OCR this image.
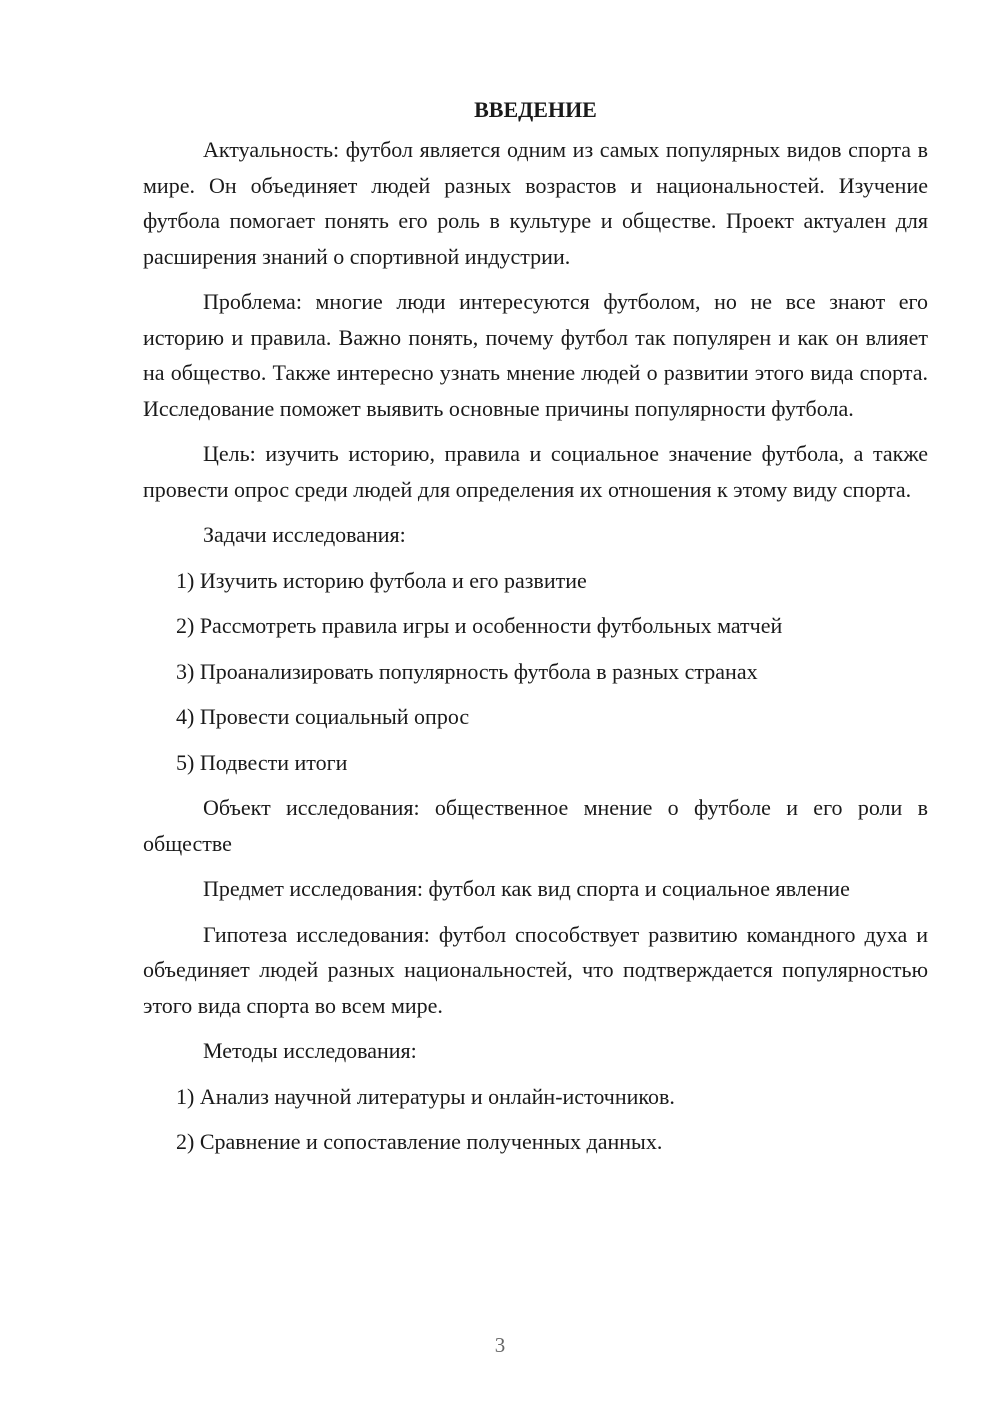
ВВЕДЕНИЕ

Актуальность: футбол является одним из самых популярных видов спорта в мире. Он объединяет людей разных возрастов и национальностей. Изучение футбола помогает понять его роль в культуре и обществе. Проект актуален для расширения знаний о спортивной индустрии.

Проблема: многие люди интересуются футболом, но не все знают его историю и правила. Важно понять, почему футбол так популярен и как он влияет на общество. Также интересно узнать мнение людей о развитии этого вида спорта. Исследование поможет выявить основные причины популярности футбола.

Цель: изучить историю, правила и социальное значение футбола, а также провести опрос среди людей для определения их отношения к этому виду спорта.

Задачи исследования:

1) Изучить историю футбола и его развитие
2) Рассмотреть правила игры и особенности футбольных матчей
3) Проанализировать популярность футбола в разных странах
4) Провести социальный опрос
5) Подвести итоги

Объект исследования: общественное мнение о футболе и его роли в обществе

Предмет исследования: футбол как вид спорта и социальное явление

Гипотеза исследования: футбол способствует развитию командного духа и объединяет людей разных национальностей, что подтверждается популярностью этого вида спорта во всем мире.

Методы исследования:

1) Анализ научной литературы и онлайн-источников.
2) Сравнение и сопоставление полученных данных.
3
